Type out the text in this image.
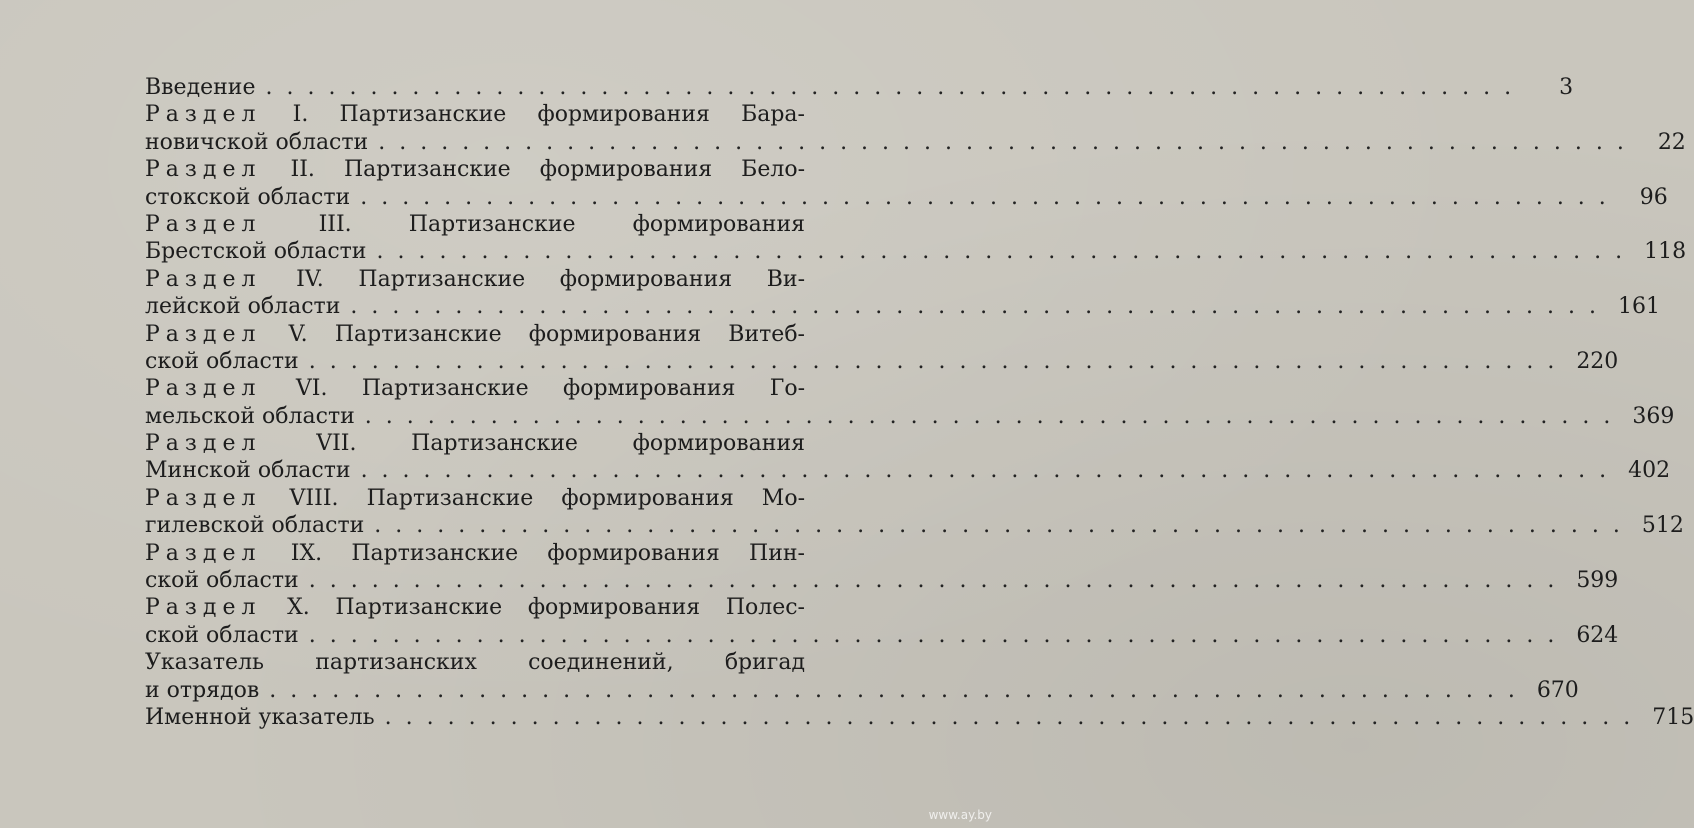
Введение ............................................................	3
Раздел I. Партизанские формирования Бара-
новичской области ............................................................ 22
Раздел II. Партизанские формирования Бело-
стокской области ............................................................ 96
Раздел	III. Партизанские формирования
Брестской области ............................................................ 118
Раздел IV. Партизанские формирования Ви-
лейской области ............................................................ 161
Раздел V. Партизанские формирования Витеб-
ской области ............................................................ 220
Раздел VI. Партизанские формирования Го-
мельской области ............................................................ 369
Раздел VII. Партизанские формирования
Минской области ............................................................ 402
Раздел VIII. Партизанские формирования Мо-
гилевской области ............................................................ 512
Раздел IX. Партизанские формирования Пин-
ской области ............................................................ 599
Раздел X. Партизанские формирования Полес-
ской области ............................................................ 624
Указатель партизанских соединений, бригад
и отрядов ............................................................ 670
Именной указатель ............................................................ 715
www.ay.by
